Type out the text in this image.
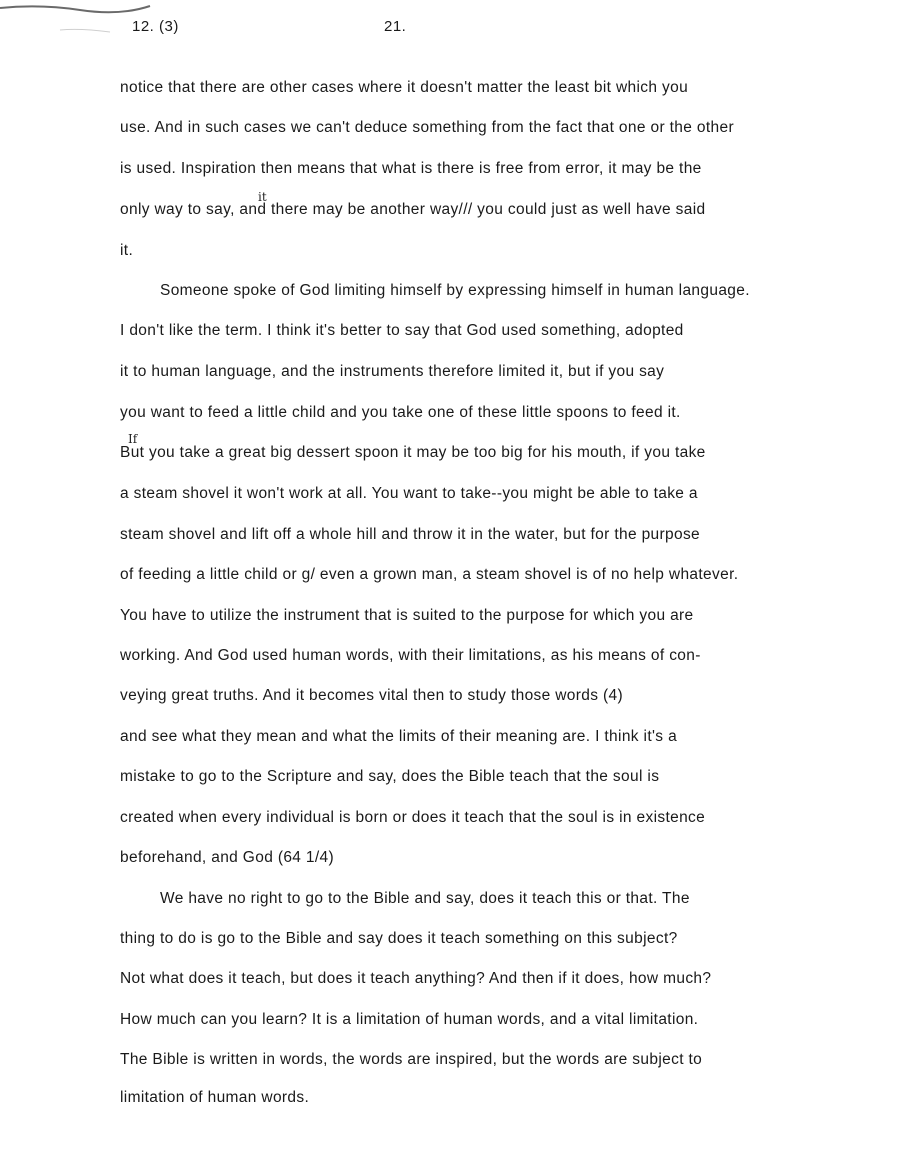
12. (3)	21.
notice that there are other cases where it doesn't matter the least bit which you
use. And in such cases we can't deduce something from the fact that one or the other
is used. Inspiration then means that what is there is free from error, it may be the
it
only way to say, and there may be another way/// you could just as well have said
it.
Someone spoke of God limiting himself by expressing himself in human language.
I don't like the term. I think it's better to say that God used something, adopted
it to human language, and the instruments therefore limited it, but if you say
you want to feed a little child and you take one of these little spoons to feed it.
If
But you take a great big dessert spoon it may be too big for his mouth, if you take
a steam shovel it won't work at all. You want to take--you might be able to take a
steam shovel and lift off a whole hill and throw it in the water, but for the purpose
of feeding a little child or g/ even a grown man, a steam shovel is of no help whatever.
You have to utilize the instrument that is suited to the purpose for which you are
working. And God used human words, with their limitations, as his means of con-
veying great truths. And it becomes vital then to study those words (4)
and see what they mean and what the limits of their meaning are. I think it's a
mistake to go to the Scripture and say, does the Bible teach that the soul is
created when every individual is born or does it teach that the soul is in existence
beforehand, and God (64 1/4)
We have no right to go to the Bible and say, does it teach this or that. The
thing to do is go to the Bible and say does it teach something on this subject?
Not what does it teach, but does it teach anything? And then if it does, how much?
How much can you learn? It is a limitation of human words, and a vital limitation.
The Bible is written in words, the words are inspired, but the words are subject to
limitation of human words.
